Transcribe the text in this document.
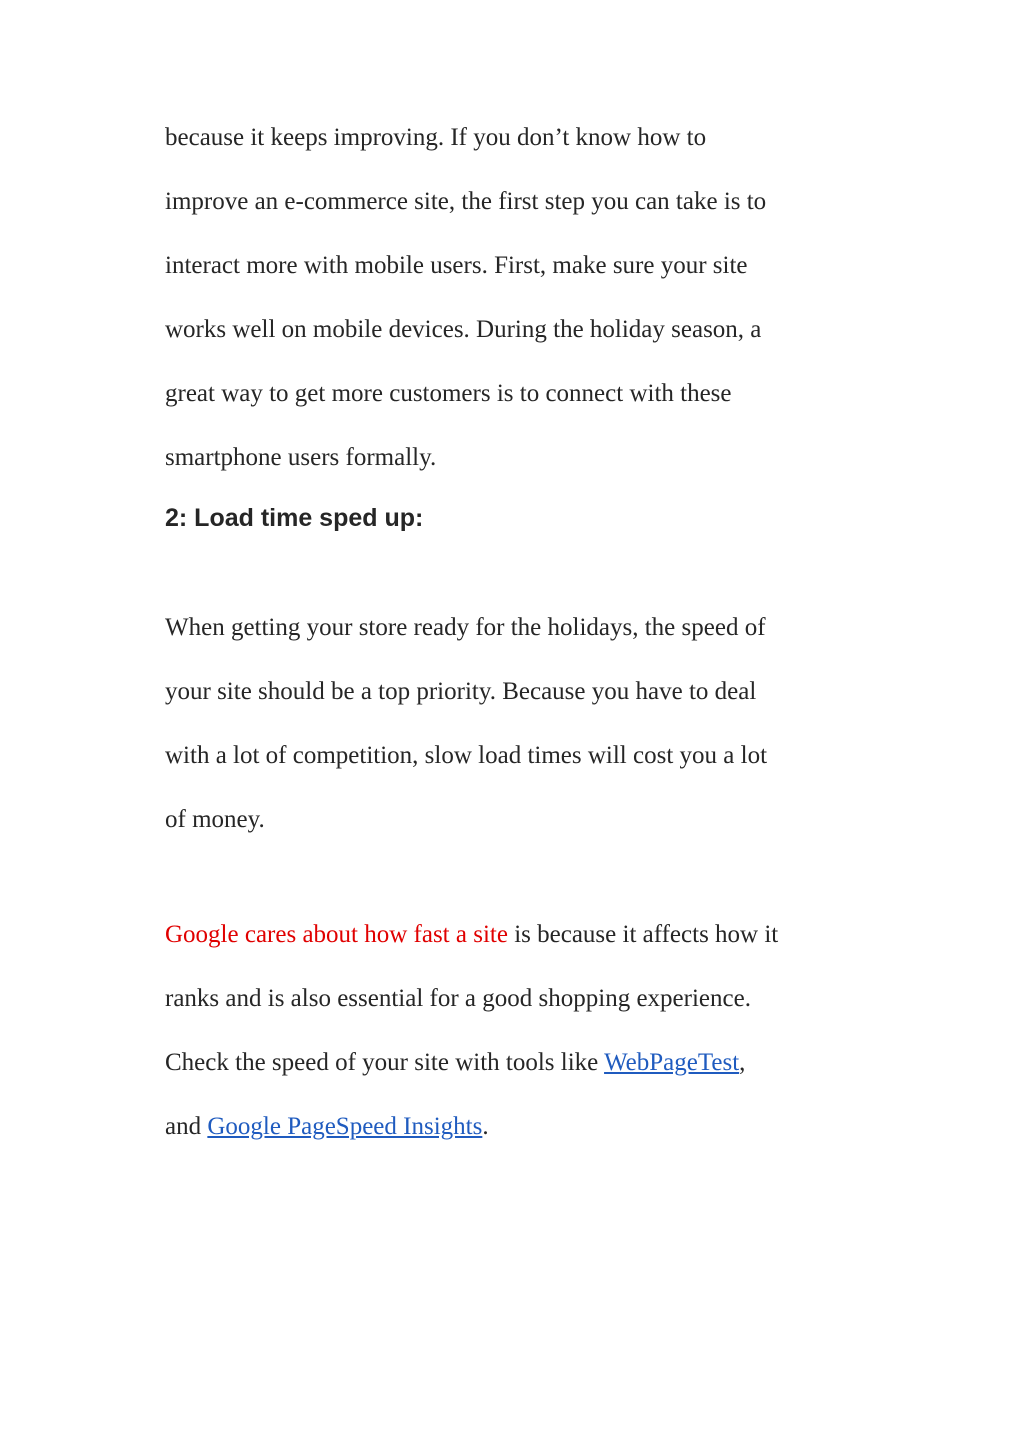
because it keeps improving. If you don’t know how to
improve an e-commerce site, the first step you can take is to
interact more with mobile users. First, make sure your site
works well on mobile devices. During the holiday season, a
great way to get more customers is to connect with these
smartphone users formally.

2: Load time sped up:

When getting your store ready for the holidays, the speed of
your site should be a top priority. Because you have to deal
with a lot of competition, slow load times will cost you a lot
of money.

Google cares about how fast a site is because it affects how it
ranks and is also essential for a good shopping experience.
Check the speed of your site with tools like WebPageTest,
and Google PageSpeed Insights.
